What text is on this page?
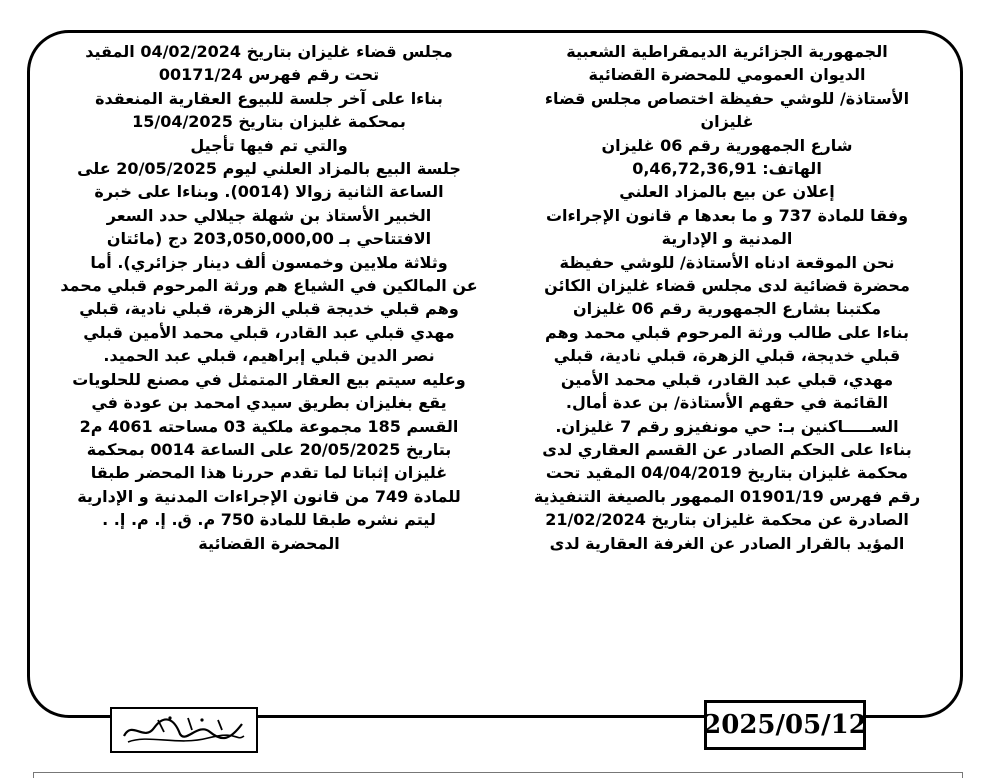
الجمهورية الجزائرية الديمقراطية الشعبية
الديوان العمومي للمحضرة القضائية
الأستاذة/ للوشي حفيظة اختصاص مجلس قضاء
غليزان
شارع الجمهورية رقم 06 غليزان
الهاتف: 0,46,72,36,91
إعلان عن بيع بالمزاد العلني
وفقا للمادة 737 و ما بعدها م قانون الإجراءات
المدنية و الإدارية
نحن الموقعة ادناه الأستاذة/ للوشي حفيظة
محضرة قضائية لدى مجلس قضاء غليزان الكائن
مكتبنا بشارع الجمهورية رقم 06 غليزان
بناءا على طالب ورثة المرحوم قبلي محمد وهم
قبلي خديجة، قبلي الزهرة، قبلي نادية، قبلي
مهدي، قبلي عبد القادر، قبلي محمد الأمين
القائمة في حقهم الأستاذة/ بن عدة أمال.
الســـــاكنين بـ: حي مونفيزو رقم 7 غليزان.
بناءا على الحكم الصادر عن القسم العقاري لدى
محكمة غليزان بتاريخ 04/04/2019 المقيد تحت
رقم فهرس 01901/19 الممهور بالصيغة التنفيذية
الصادرة عن محكمة غليزان بتاريخ 21/02/2024
المؤيد بالقرار الصادر عن الغرفة العقارية لدى
مجلس قضاء غليزان بتاريخ 04/02/2024 المقيد
تحت رقم فهرس 00171/24
بناءا على آخر جلسة للبيوع العقارية المنعقدة
بمحكمة غليزان بتاريخ 15/04/2025
والتي تم فيها تأجيل
جلسة البيع بالمزاد العلني ليوم 20/05/2025 على
الساعة الثانية زوالا (0014). وبناءا على خبرة
الخبير الأستاذ بن شهلة جيلالي حدد السعر
الافتتاحي بـ 203,050,000,00 دج (مائتان
وثلاثة ملايين وخمسون ألف دينار جزائري). أما
عن المالكين في الشياع هم ورثة المرحوم قبلي محمد
وهم قبلي خديجة قبلي الزهرة، قبلي نادية، قبلي
مهدي قبلي عبد القادر، قبلي محمد الأمين قبلي
نصر الدين قبلي إبراهيم، قبلي عبد الحميد.
وعليه سيتم بيع العقار المتمثل في مصنع للحلويات
يقع بغليزان بطريق سيدي امحمد بن عودة في
القسم 185 مجموعة ملكية 03 مساحته 4061 م2
بتاريخ 20/05/2025 على الساعة 0014 بمحكمة
غليزان إثباتا لما تقدم حررنا هذا المحضر طبقا
للمادة 749 من قانون الإجراءات المدنية و الإدارية
ليتم نشره طبقا للمادة 750 م. ق. إ. م. إ. .
المحضرة القضائية
2025/05/12
